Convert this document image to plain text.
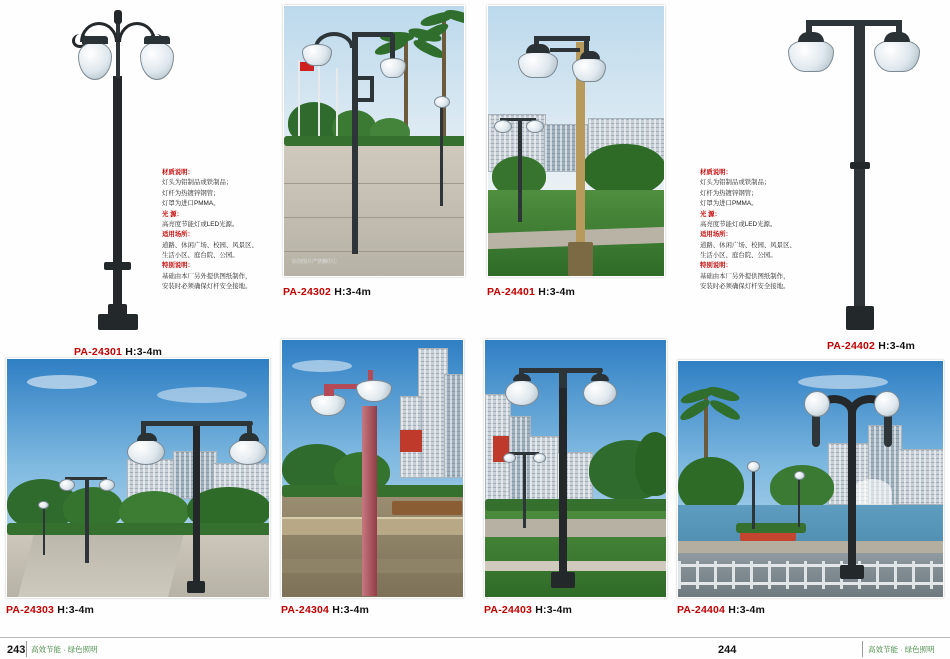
PA-24301 H:3-4m
材质说明：
灯头为铝制品或铁制品；
灯杆为热镀锌钢管；
灯罩为进口PMMA。
光 源：
高亮度节能灯或LED光源。
适用场所：
道路、休闲广场、校园、风景区、
生活小区、庭台院、公园。
特别说明：
基础由本厂另外提供图纸制作，
安装时必须确保灯杆安全接地。
原创图片严禁翻印①
PA-24302 H:3-4m	PA-24401 H:3-4m
PA-24402 H:3-4m
材质说明：
灯头为铝制品或铁制品；
灯杆为热镀锌钢管；
灯罩为进口PMMA。
光 源：
高亮度节能灯或LED光源。
适用场所：
道路、休闲广场、校园、风景区、
生活小区、庭台院、公园。
特别说明：
基础由本厂另外提供图纸制作，
安装时必须确保灯杆安全接地。
PA-24303 H:3-4m	PA-24304 H:3-4m	PA-24403 H:3-4m	PA-24404 H:3-4m
243 高效节能 · 绿色照明	244	高效节能 · 绿色照明
